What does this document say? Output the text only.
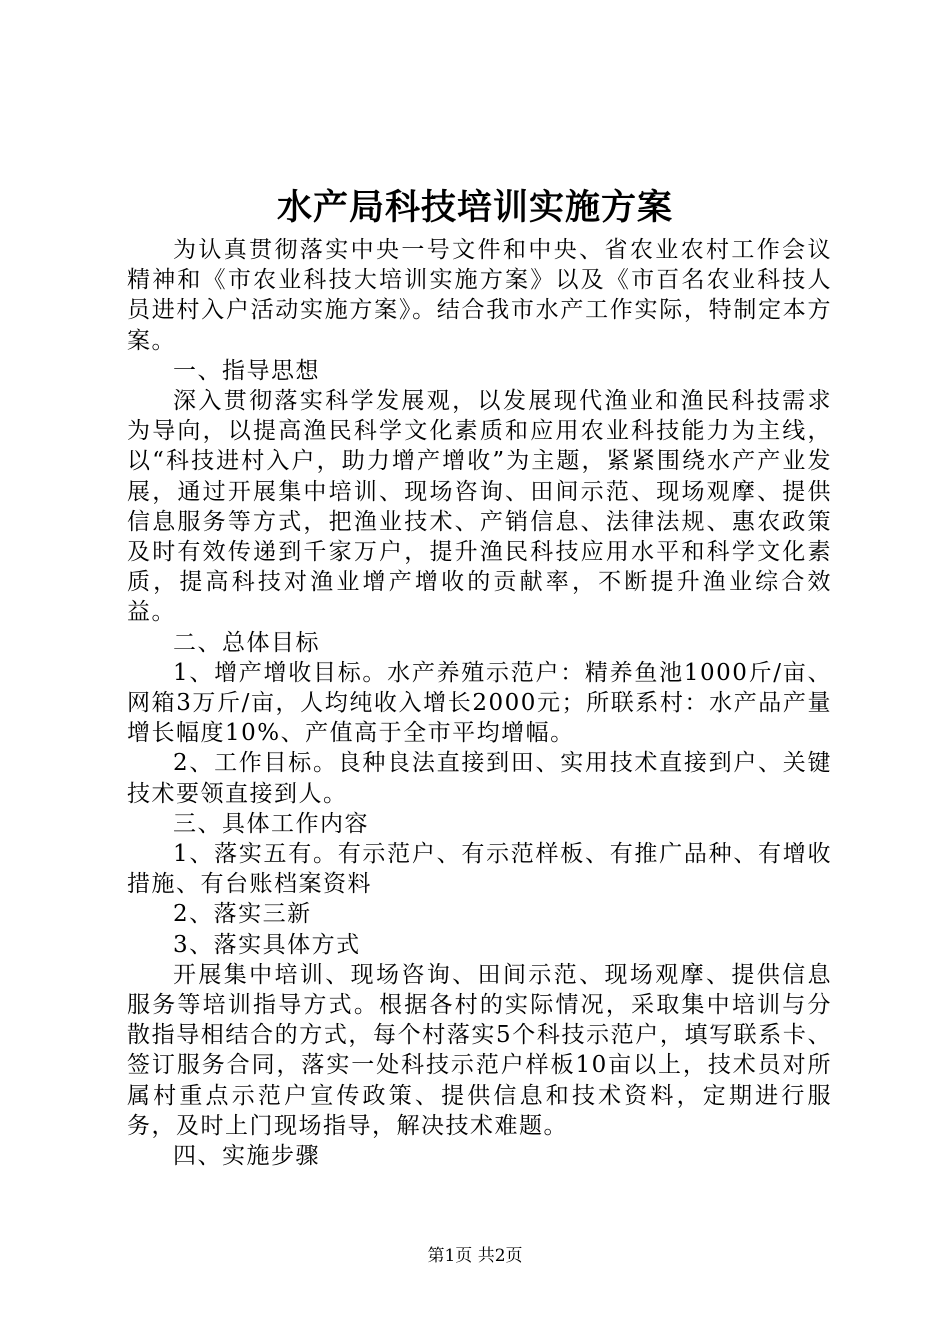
水产局科技培训实施方案

为认真贯彻落实中央一号文件和中央、省农业农村工作会议精神和《市农业科技大培训实施方案》以及《市百名农业科技人员进村入户活动实施方案》。结合我市水产工作实际，特制定本方案。

一、指导思想

深入贯彻落实科学发展观，以发展现代渔业和渔民科技需求为导向，以提高渔民科学文化素质和应用农业科技能力为主线，以“科技进村入户，助力增产增收”为主题，紧紧围绕水产产业发展，通过开展集中培训、现场咨询、田间示范、现场观摩、提供信息服务等方式，把渔业技术、产销信息、法律法规、惠农政策及时有效传递到千家万户，提升渔民科技应用水平和科学文化素质，提高科技对渔业增产增收的贡献率，不断提升渔业综合效益。

二、总体目标

1、增产增收目标。水产养殖示范户：精养鱼池1000斤/亩、网箱3万斤/亩，人均纯收入增长2000元；所联系村：水产品产量增长幅度10%、产值高于全市平均增幅。

2、工作目标。良种良法直接到田、实用技术直接到户、关键技术要领直接到人。

三、具体工作内容

1、落实五有。有示范户、有示范样板、有推广品种、有增收措施、有台账档案资料

2、落实三新

3、落实具体方式

开展集中培训、现场咨询、田间示范、现场观摩、提供信息服务等培训指导方式。根据各村的实际情况，采取集中培训与分散指导相结合的方式，每个村落实5个科技示范户，填写联系卡、签订服务合同，落实一处科技示范户样板10亩以上，技术员对所属村重点示范户宣传政策、提供信息和技术资料，定期进行服务，及时上门现场指导，解决技术难题。

四、实施步骤

第1页 共2页
